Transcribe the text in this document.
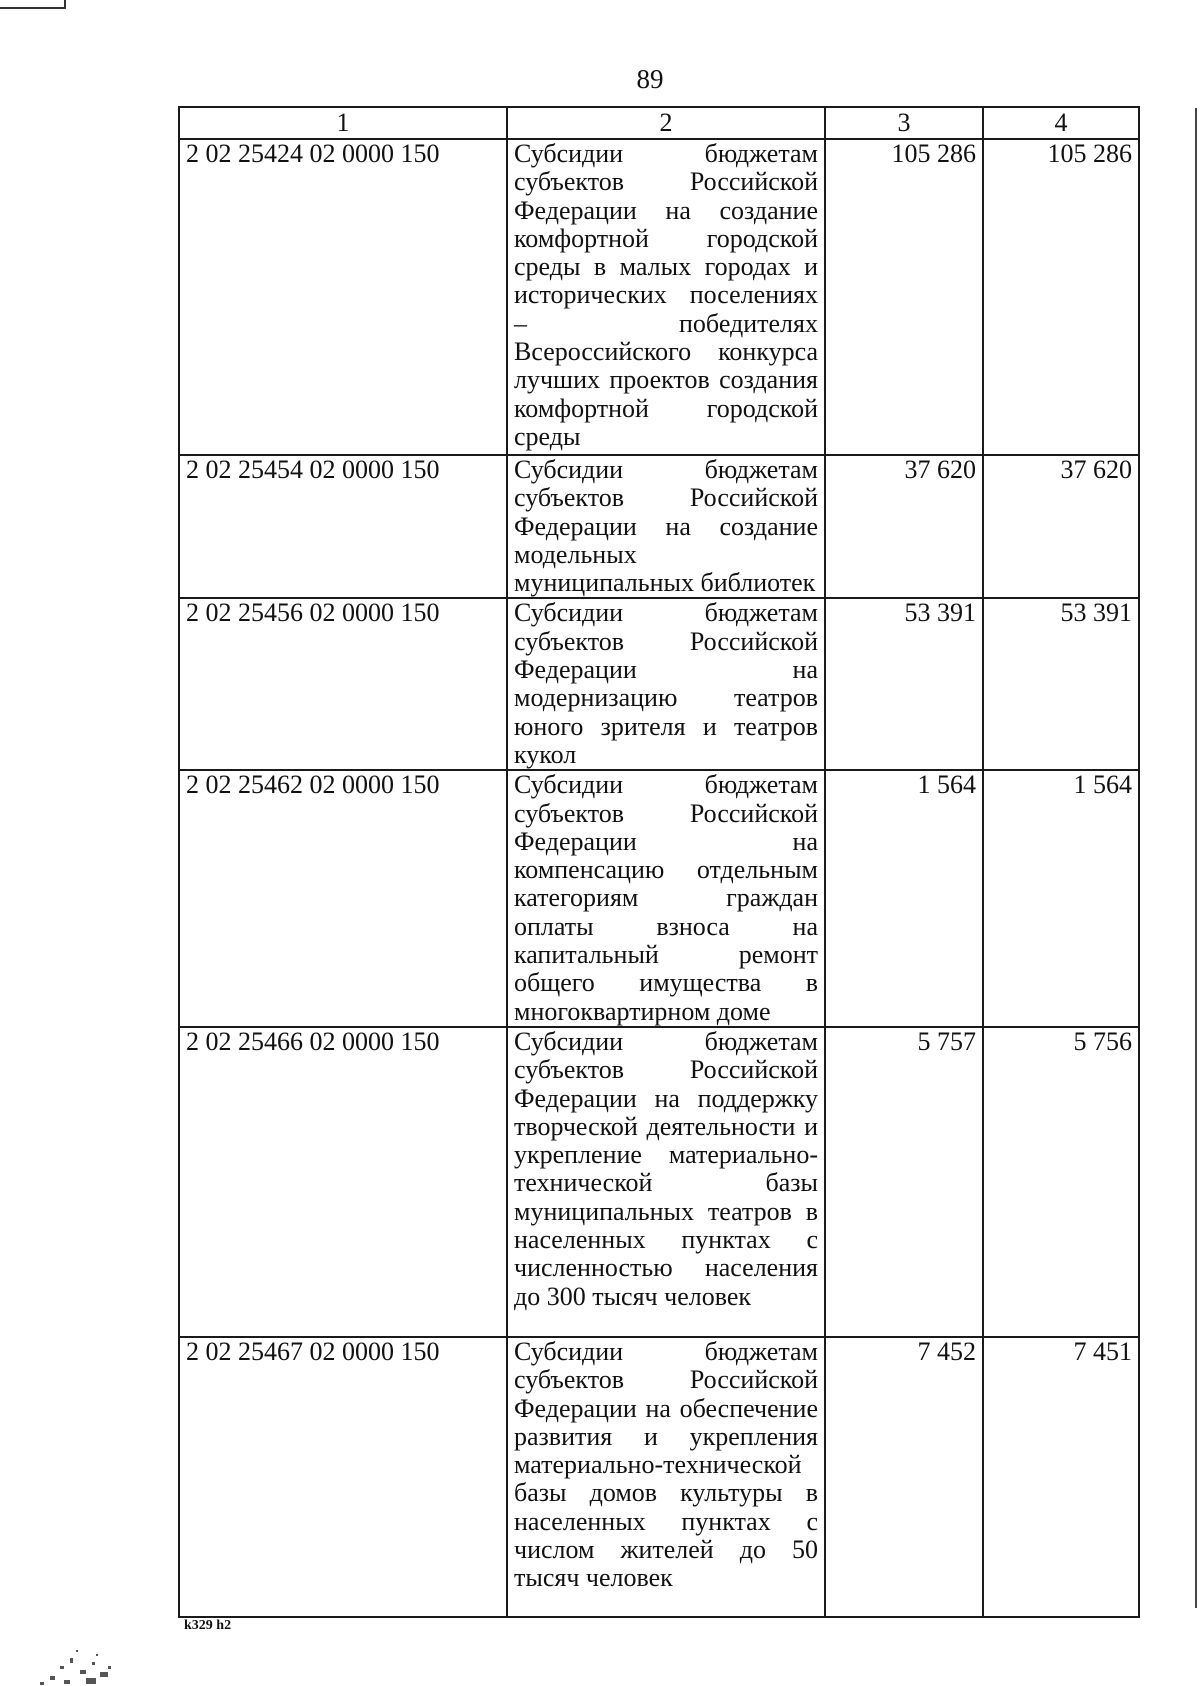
89
1	2	3	4
2 02 25424 02 0000 150	Субсидии бюджетам субъектов Российской Федерации на создание комфортной городской среды в малых городах и исторических поселениях – победителях Всероссийского конкурса лучших проектов создания комфортной городской среды	105 286	105 286
2 02 25454 02 0000 150	Субсидии бюджетам субъектов Российской Федерации на создание модельных муниципальных библиотек	37 620	37 620
2 02 25456 02 0000 150	Субсидии бюджетам субъектов Российской Федерации на модернизацию театров юного зрителя и театров кукол	53 391	53 391
2 02 25462 02 0000 150	Субсидии бюджетам субъектов Российской Федерации на компенсацию отдельным категориям граждан оплаты взноса на капитальный ремонт общего имущества в многоквартирном доме	1 564	1 564
2 02 25466 02 0000 150	Субсидии бюджетам субъектов Российской Федерации на поддержку творческой деятельности и укрепление материально-технической базы муниципальных театров в населенных пунктах с численностью населения до 300 тысяч человек	5 757	5 756
2 02 25467 02 0000 150	Субсидии бюджетам субъектов Российской Федерации на обеспечение развития и укрепления материально-технической базы домов культуры в населенных пунктах с числом жителей до 50 тысяч человек	7 452	7 451
k329 h2
